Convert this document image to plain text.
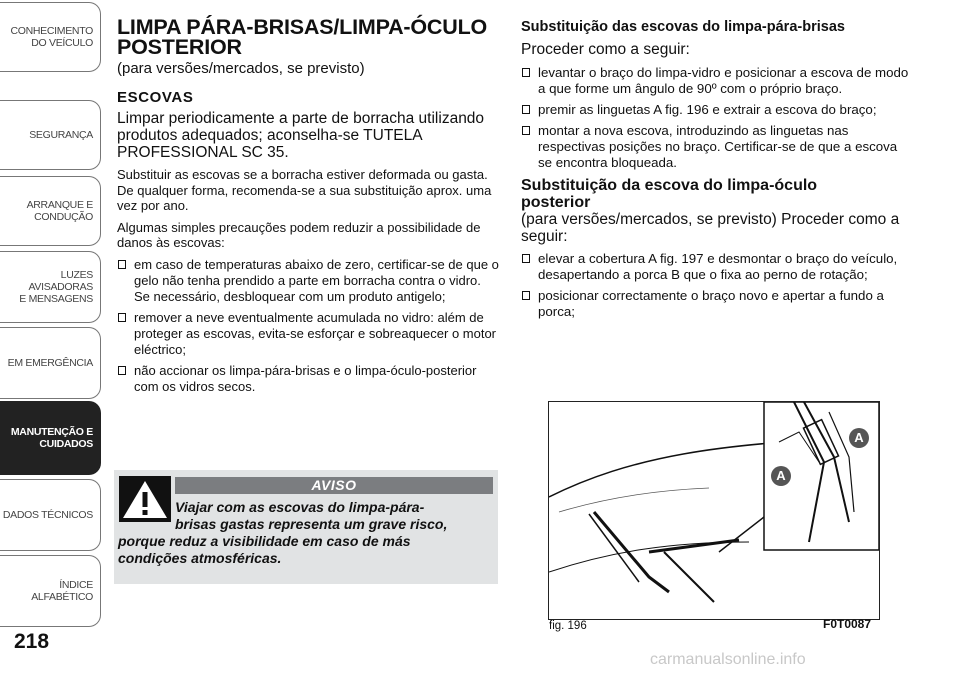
CONHECIMENTO
DO VEÍCULO
SEGURANÇA
ARRANQUE E
CONDUÇÃO
LUZES AVISADORAS
E MENSAGENS
EM EMERGÊNCIA
MANUTENÇÃO E
CUIDADOS
DADOS TÉCNICOS
ÍNDICE ALFABÉTICO
218
LIMPA PÁRA-BRISAS/LIMPA-ÓCULO
POSTERIOR

(para versões/mercados, se previsto)

ESCOVAS

Limpar periodicamente a parte de borracha utilizando produtos adequados; aconselha-se TUTELA PROFESSIONAL SC 35.

Substituir as escovas se a borracha estiver deformada ou gasta. De qualquer forma, recomenda-se a sua substituição aprox. uma vez por ano.

Algumas simples precauções podem reduzir a possibilidade de danos às escovas:

em caso de temperaturas abaixo de zero, certificar-se de que o gelo não tenha prendido a parte em borracha contra o vidro. Se necessário, desbloquear com um produto antigelo;
remover a neve eventualmente acumulada no vidro: além de proteger as escovas, evita-se esforçar e sobreaquecer o motor eléctrico;
não accionar os limpa-pára-brisas e o limpa-óculo-posterior com os vidros secos.
AVISO
Viajar com as escovas do limpa-pára-
brisas gastas representa um grave risco,
porque reduz a visibilidade em caso de más
condições atmosféricas.
Substituição das escovas do limpa-pára-brisas

Proceder como a seguir:

levantar o braço do limpa-vidro e posicionar a escova de modo a que forme um ângulo de 90º com o próprio braço.
premir as linguetas A fig. 196 e extrair a escova do braço;
montar a nova escova, introduzindo as linguetas nas respectivas posições no braço. Certificar-se de que a escova se encontra bloqueada.
Substituição da escova do limpa-óculo
posterior

(para versões/mercados, se previsto) Proceder como a seguir:

elevar a cobertura A fig. 197 e desmontar o braço do veículo, desapertando a porca B que o fixa ao perno de rotação;
posicionar correctamente o braço novo e apertar a fundo a porca;
A
A
fig. 196	F0T0087
carmanualsonline.info
